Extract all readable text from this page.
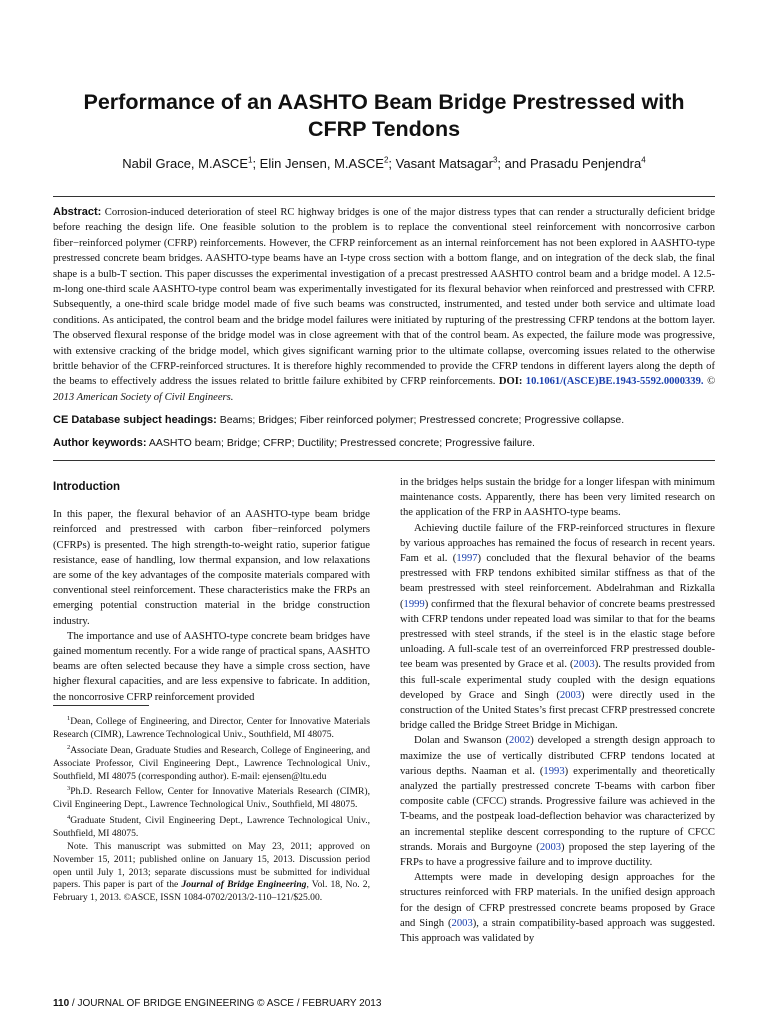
Performance of an AASHTO Beam Bridge Prestressed with CFRP Tendons
Nabil Grace, M.ASCE$^1$; Elin Jensen, M.ASCE$^2$; Vasant Matsagar$^3$; and Prasadu Penjendra$^4$
Abstract: Corrosion-induced deterioration of steel RC highway bridges is one of the major distress types that can render a structurally deficient bridge before reaching the design life. One feasible solution to the problem is to replace the conventional steel reinforcement with noncorrosive carbon fiber−reinforced polymer (CFRP) reinforcements. However, the CFRP reinforcement as an internal reinforcement has not been explored in AASHTO-type prestressed concrete beam bridges. AASHTO-type beams have an I-type cross section with a bottom flange, and on integration of the deck slab, the final shape is a bulb-T section. This paper discusses the experimental investigation of a precast prestressed AASHTO control beam and a bridge model. A 12.5-m-long one-third scale AASHTO-type control beam was experimentally investigated for its flexural behavior when reinforced and prestressed with CFRP. Subsequently, a one-third scale bridge model made of five such beams was constructed, instrumented, and tested under both service and ultimate load conditions. As anticipated, the control beam and the bridge model failures were initiated by rupturing of the prestressing CFRP tendons at the bottom layer. The observed flexural response of the bridge model was in close agreement with that of the control beam. As expected, the failure mode was progressive, with extensive cracking of the bridge model, which gives significant warning prior to the ultimate collapse, overcoming issues related to the otherwise brittle behavior of the CFRP-reinforced structures. It is therefore highly recommended to provide the CFRP tendons in different layers along the depth of the beams to effectively address the issues related to brittle failure exhibited by CFRP reinforcements. DOI: 10.1061/(ASCE)BE.1943-5592.0000339. © 2013 American Society of Civil Engineers.
CE Database subject headings: Beams; Bridges; Fiber reinforced polymer; Prestressed concrete; Progressive collapse.
Author keywords: AASHTO beam; Bridge; CFRP; Ductility; Prestressed concrete; Progressive failure.
Introduction

In this paper, the flexural behavior of an AASHTO-type beam bridge reinforced and prestressed with carbon fiber−reinforced polymers (CFRPs) is presented. The high strength-to-weight ratio, superior fatigue resistance, ease of handling, low thermal expansion, and low relaxations are some of the key advantages of the composite materials compared with conventional steel reinforcement. These characteristics make the FRPs an emerging potential construction material in the bridge construction industry.

The importance and use of AASHTO-type concrete beam bridges have gained momentum recently. For a wide range of practical spans, AASHTO beams are often selected because they have a simple cross section, have higher flexural capacities, and are less expensive to fabricate. In addition, the noncorrosive CFRP reinforcement provided

$^1$Dean, College of Engineering, and Director, Center for Innovative Materials Research (CIMR), Lawrence Technological Univ., Southfield, MI 48075.

$^2$Associate Dean, Graduate Studies and Research, College of Engineering, and Associate Professor, Civil Engineering Dept., Lawrence Technological Univ., Southfield, MI 48075 (corresponding author). E-mail: ejensen@ltu.edu

$^3$Ph.D. Research Fellow, Center for Innovative Materials Research (CIMR), Civil Engineering Dept., Lawrence Technological Univ., Southfield, MI 48075.

$^4$Graduate Student, Civil Engineering Dept., Lawrence Technological Univ., Southfield, MI 48075.

Note. This manuscript was submitted on May 23, 2011; approved on November 15, 2011; published online on January 15, 2013. Discussion period open until July 1, 2013; separate discussions must be submitted for individual papers. This paper is part of the Journal of Bridge Engineering, Vol. 18, No. 2, February 1, 2013. ©ASCE, ISSN 1084-0702/2013/2-110–121/$25.00.

in the bridges helps sustain the bridge for a longer lifespan with minimum maintenance costs. Apparently, there has been very limited research on the application of the FRP in AASHTO-type beams.

Achieving ductile failure of the FRP-reinforced structures in flexure by various approaches has remained the focus of research in recent years. Fam et al. (1997) concluded that the flexural behavior of the beams prestressed with FRP tendons exhibited similar stiffness as that of the beam prestressed with steel reinforcement. Abdelrahman and Rizkalla (1999) confirmed that the flexural behavior of concrete beams prestressed with CFRP tendons under repeated load was similar to that for the beams prestressed with steel strands, if the steel is in the elastic stage before unloading. A full-scale test of an overreinforced FRP prestressed double-tee beam was presented by Grace et al. (2003). The results provided from this full-scale experimental study coupled with the design equations developed by Grace and Singh (2003) were directly used in the construction of the United States’s first precast CFRP prestressed concrete bridge called the Bridge Street Bridge in Michigan.

Dolan and Swanson (2002) developed a strength design approach to maximize the use of vertically distributed CFRP tendons located at various depths. Naaman et al. (1993) experimentally and theoretically analyzed the partially prestressed concrete T-beams with carbon fiber composite cable (CFCC) strands. Progressive failure was achieved in the T-beams, and the postpeak load-deflection behavior was characterized by an incremental steplike descent corresponding to the rupture of CFCC strands. Morais and Burgoyne (2003) proposed the step layering of the FRPs to have a progressive failure and to improve ductility.

Attempts were made in developing design approaches for the structures reinforced with FRP materials. In the unified design approach for the design of CFRP prestressed concrete beams proposed by Grace and Singh (2003), a strain compatibility-based approach was suggested. This approach was validated by

110 / JOURNAL OF BRIDGE ENGINEERING © ASCE / FEBRUARY 2013
